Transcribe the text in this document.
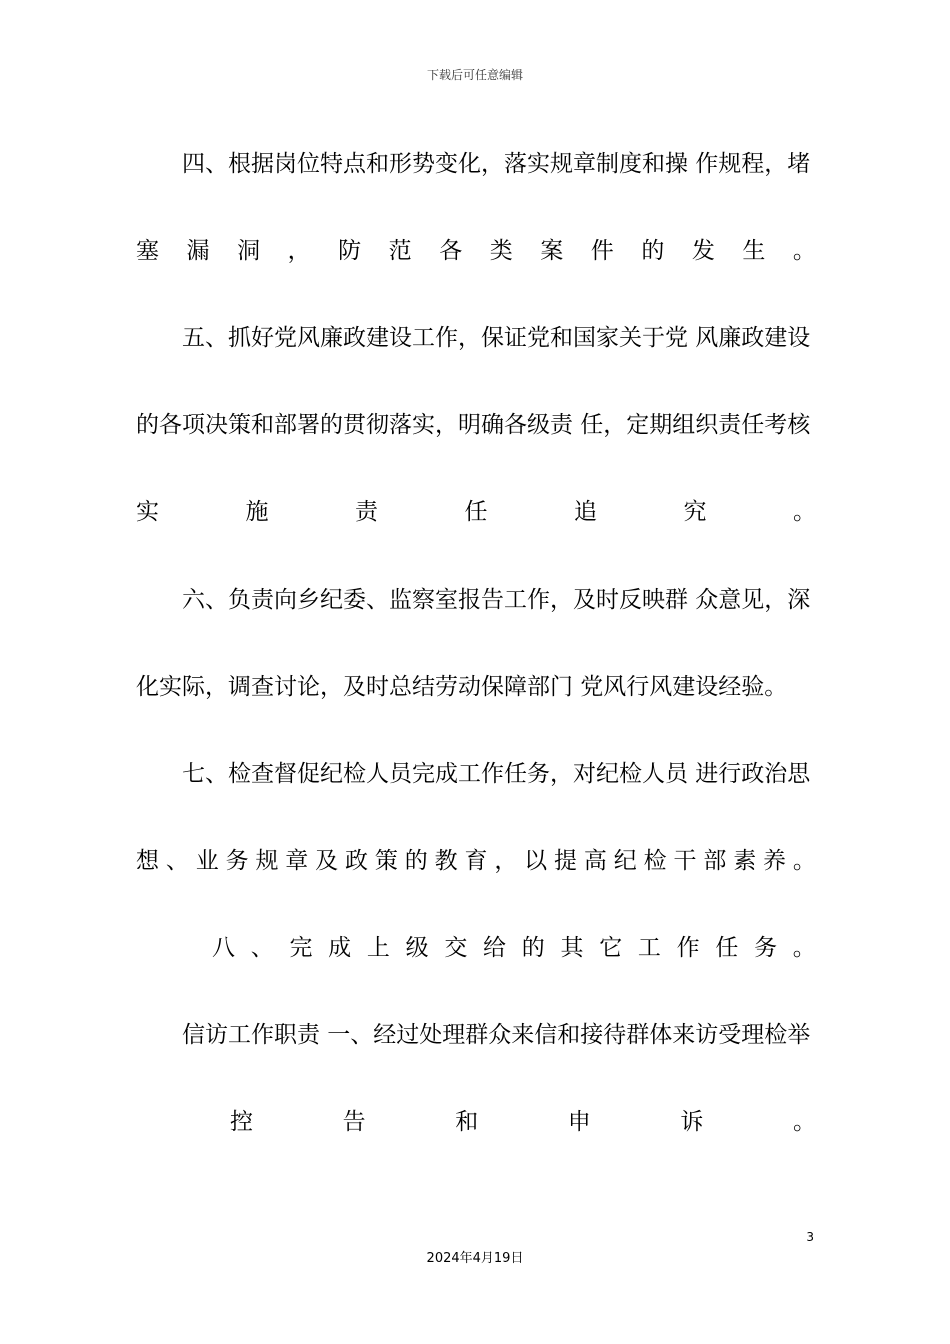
下载后可任意编辑
四、根据岗位特点和形势变化，落实规章制度和操 作规程，堵
塞 漏 洞 ， 防 范 各 类 案 件 的 发 生 。
五、抓好党风廉政建设工作，保证党和国家关于党 风廉政建设
的各项决策和部署的贯彻落实，明确各级责 任，定期组织责任考核
实	施	责	任	追	究	。
六、负责向乡纪委、监察室报告工作，及时反映群 众意见，深
化实际，调查讨论，及时总结劳动保障部门 党风行风建设经验。
七、检查督促纪检人员完成工作任务，对纪检人员 进行政治思
想 、 业 务 规 章 及 政 策 的 教 育 ， 以 提 高 纪 检 干 部 素 养 。
八 、 完 成 上 级 交 给 的 其 它 工 作 任 务 。
信访工作职责 一、经过处理群众来信和接待群体来访受理检举
控	告	和	申	诉	。
3
2024年4月19日
